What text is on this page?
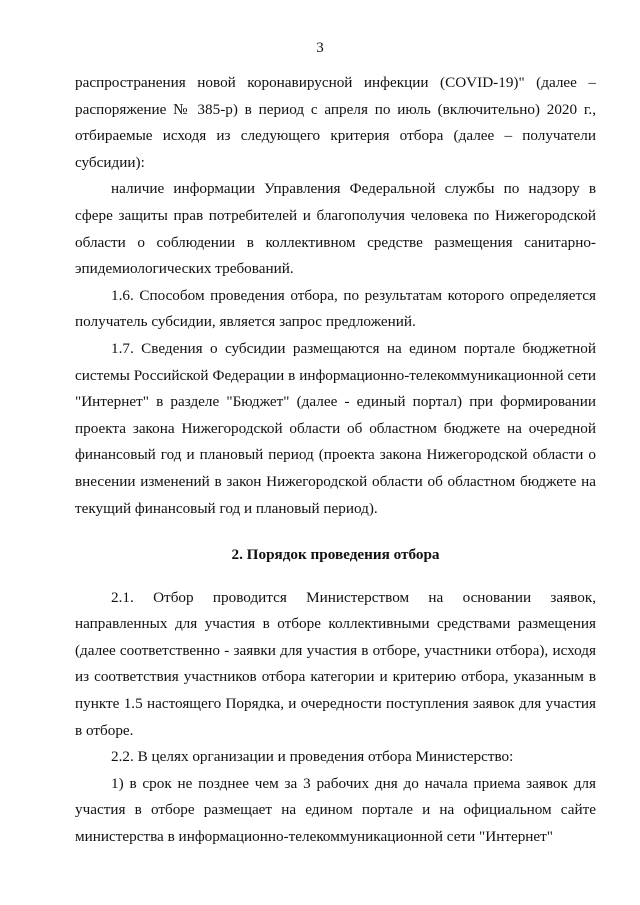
3

распространения новой коронавирусной инфекции (COVID-19)" (далее – распоряжение № 385-р) в период с апреля по июль (включительно) 2020 г., отбираемые исходя из следующего критерия отбора (далее – получатели субсидии):

наличие информации Управления Федеральной службы по надзору в сфере защиты прав потребителей и благополучия человека по Нижегородской области о соблюдении в коллективном средстве размещения санитарно-эпидемиологических требований.

1.6. Способом проведения отбора, по результатам которого определяется получатель субсидии, является запрос предложений.

1.7. Сведения о субсидии размещаются на едином портале бюджетной системы Российской Федерации в информационно-телекоммуникационной сети "Интернет" в разделе "Бюджет" (далее - единый портал) при формировании проекта закона Нижегородской области об областном бюджете на очередной финансовый год и плановый период (проекта закона Нижегородской области о внесении изменений в закон Нижегородской области об областном бюджете на текущий финансовый год и плановый период).

2. Порядок проведения отбора

2.1. Отбор проводится Министерством на основании заявок, направленных для участия в отборе коллективными средствами размещения (далее соответственно - заявки для участия в отборе, участники отбора), исходя из соответствия участников отбора категории и критерию отбора, указанным в пункте 1.5 настоящего Порядка, и очередности поступления заявок для участия в отборе.

2.2. В целях организации и проведения отбора Министерство:

1) в срок не позднее чем за 3 рабочих дня до начала приема заявок для участия в отборе размещает на едином портале и на официальном сайте министерства в информационно-телекоммуникационной сети "Интернет"
